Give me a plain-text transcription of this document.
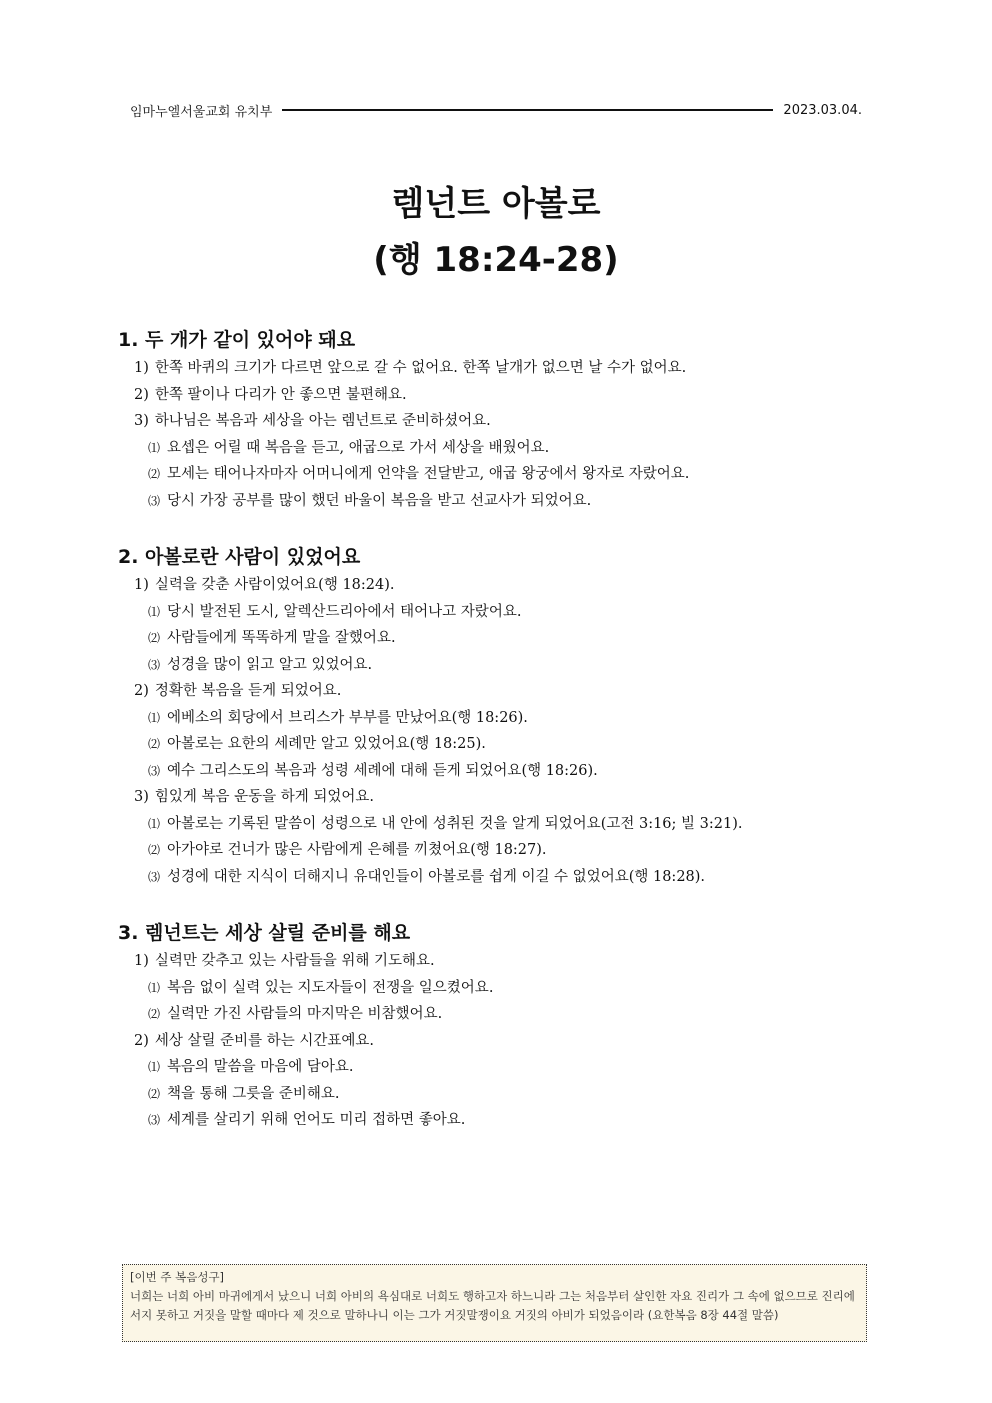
임마누엘서울교회 유치부	2023.03.04.
렘넌트 아볼로
(행 18:24-28)
1. 두 개가 같이 있어야 돼요
1) 한쪽 바퀴의 크기가 다르면 앞으로 갈 수 없어요. 한쪽 날개가 없으면 날 수가 없어요.
2) 한쪽 팔이나 다리가 안 좋으면 불편해요.
3) 하나님은 복음과 세상을 아는 렘넌트로 준비하셨어요.
⑴ 요셉은 어릴 때 복음을 듣고, 애굽으로 가서 세상을 배웠어요.
⑵ 모세는 태어나자마자 어머니에게 언약을 전달받고, 애굽 왕궁에서 왕자로 자랐어요.
⑶ 당시 가장 공부를 많이 했던 바울이 복음을 받고 선교사가 되었어요.
2. 아볼로란 사람이 있었어요
1) 실력을 갖춘 사람이었어요(행 18:24).
⑴ 당시 발전된 도시, 알렉산드리아에서 태어나고 자랐어요.
⑵ 사람들에게 똑똑하게 말을 잘했어요.
⑶ 성경을 많이 읽고 알고 있었어요.
2) 정확한 복음을 듣게 되었어요.
⑴ 에베소의 회당에서 브리스가 부부를 만났어요(행 18:26).
⑵ 아볼로는 요한의 세례만 알고 있었어요(행 18:25).
⑶ 예수 그리스도의 복음과 성령 세례에 대해 듣게 되었어요(행 18:26).
3) 힘있게 복음 운동을 하게 되었어요.
⑴ 아볼로는 기록된 말씀이 성령으로 내 안에 성취된 것을 알게 되었어요(고전 3:16; 빌 3:21).
⑵ 아가야로 건너가 많은 사람에게 은혜를 끼쳤어요(행 18:27).
⑶ 성경에 대한 지식이 더해지니 유대인들이 아볼로를 쉽게 이길 수 없었어요(행 18:28).
3. 렘넌트는 세상 살릴 준비를 해요
1) 실력만 갖추고 있는 사람들을 위해 기도해요.
⑴ 복음 없이 실력 있는 지도자들이 전쟁을 일으켰어요.
⑵ 실력만 가진 사람들의 마지막은 비참했어요.
2) 세상 살릴 준비를 하는 시간표예요.
⑴ 복음의 말씀을 마음에 담아요.
⑵ 책을 통해 그릇을 준비해요.
⑶ 세계를 살리기 위해 언어도 미리 접하면 좋아요.
[이번 주 복음성구]
너희는 너희 아비 마귀에게서 났으니 너희 아비의 욕심대로 너희도 행하고자 하느니라 그는 처음부터 살인한 자요 진리가 그 속에 없으므로 진리에 서지 못하고 거짓을 말할 때마다 제 것으로 말하나니 이는 그가 거짓말쟁이요 거짓의 아비가 되었음이라 (요한복음 8장 44절 말씀)
